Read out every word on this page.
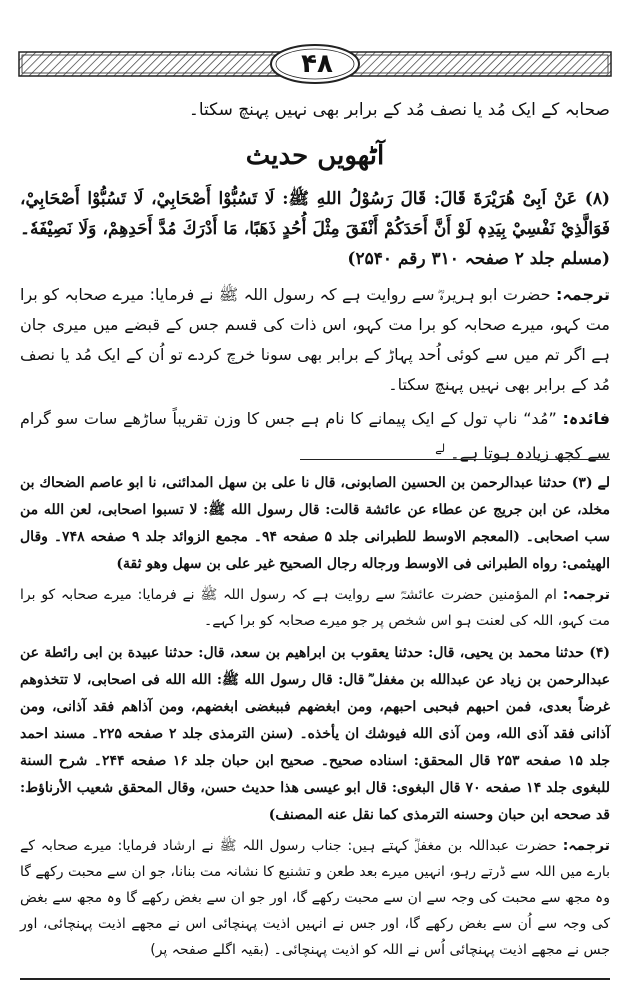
۴۸

صحابہ کے ایک مُد یا نصف مُد کے برابر بھی نہیں پہنچ سکتا۔

آٹھویں حدیث

(۸) عَنْ اَبِیْ هُرَيْرَةَ قَالَ: قَالَ رَسُوْلُ اللهِ ﷺ: لَا تَسُبُّوْا أَصْحَابِيْ، لَا تَسُبُّوْا أَصْحَابِيْ، فَوَالَّذِيْ نَفْسِيْ بِيَدِهٖ لَوْ أَنَّ أَحَدَكُمْ أَنْفَقَ مِثْلَ أُحُدٍ ذَهَبًا، مَا أَدْرَكَ مُدَّ أَحَدِهِمْ، وَلَا نَصِيْفَهٗ۔ (مسلم جلد ۲ صفحہ ۳۱۰ رقم ۲۵۴۰)

ترجمہ: حضرت ابو ہریرہؓ سے روایت ہے کہ رسول اللہ ﷺ نے فرمایا: میرے صحابہ کو برا مت کہو، میرے صحابہ کو برا مت کہو، اس ذات کی قسم جس کے قبضے میں میری جان ہے اگر تم میں سے کوئی اُحد پہاڑ کے برابر بھی سونا خرچ کردے تو اُن کے ایک مُد یا نصف مُد کے برابر بھی نہیں پہنچ سکتا۔

فائدہ: ”مُد“ ناپ تول کے ایک پیمانے کا نام ہے جس کا وزن تقریباً ساڑھے سات سو گرام سے کچھ زیادہ ہوتا ہے۔ $^{لے}$

لے (۳) حدثنا عبدالرحمن بن الحسين الصابونی، قال نا علی بن سهل المدائنی، نا ابو عاصم الضحاك بن مخلد، عن ابن جريج عن عطاء عن عائشة قالت: قال رسول الله ﷺ: لا تسبوا اصحابی، لعن الله من سب اصحابی۔ (المعجم الاوسط للطبرانی جلد ۵ صفحه ۹۴۔ مجمع الزوائد جلد ۹ صفحه ۷۴۸۔ وقال الهيثمی: رواه الطبرانی فی الاوسط ورجاله رجال الصحيح غير علی بن سهل وهو ثقة)

ترجمہ: ام المؤمنین حضرت عائشہؓ سے روایت ہے کہ رسول اللہ ﷺ نے فرمایا: میرے صحابہ کو برا مت کہو، اللہ کی لعنت ہو اس شخص پر جو میرے صحابہ کو برا کہے۔

(۴) حدثنا محمد بن يحيی، قال: حدثنا يعقوب بن ابراهيم بن سعد، قال: حدثنا عبيدة بن ابی رائطة عن عبدالرحمن بن زياد عن عبدالله بن مغفل ؓ قال: قال رسول الله ﷺ: الله الله فی اصحابی، لا تتخذوهم غرضاً بعدی، فمن احبهم فبحبی احبهم، ومن ابغضهم فببغضی ابغضهم، ومن آذاهم فقد آذانی، ومن آذانی فقد آذی الله، ومن آذی الله فيوشك ان يأخذه۔ (سنن الترمذی جلد ۲ صفحه ۲۲۵۔ مسند احمد جلد ۱۵ صفحه ۲۵۳ قال المحقق: اسناده صحيح۔ صحيح ابن حبان جلد ۱۶ صفحه ۲۴۴۔ شرح السنة للبغوی جلد ۱۴ صفحه ۷۰ قال البغوی: قال ابو عيسی هذا حديث حسن، وقال المحقق شعيب الأرناؤط: قد صححه ابن حبان وحسنه الترمذی کما نقل عنه المصنف)

ترجمہ: حضرت عبداللہ بن مغفلؓ کہتے ہیں: جناب رسول اللہ ﷺ نے ارشاد فرمایا: میرے صحابہ کے بارے میں اللہ سے ڈرتے رہو، انہیں میرے بعد طعن و تشنیع کا نشانہ مت بنانا، جو ان سے محبت رکھے گا وہ مجھ سے محبت کی وجہ سے ان سے محبت رکھے گا، اور جو ان سے بغض رکھے گا وہ مجھ سے بغض کی وجہ سے اُن سے بغض رکھے گا، اور جس نے انہیں اذیت پہنچائی اس نے مجھے اذیت پہنچائی، اور جس نے مجھے اذیت پہنچائی اُس نے اللہ کو اذیت پہنچائی۔ (بقیہ اگلے صفحہ پر)
